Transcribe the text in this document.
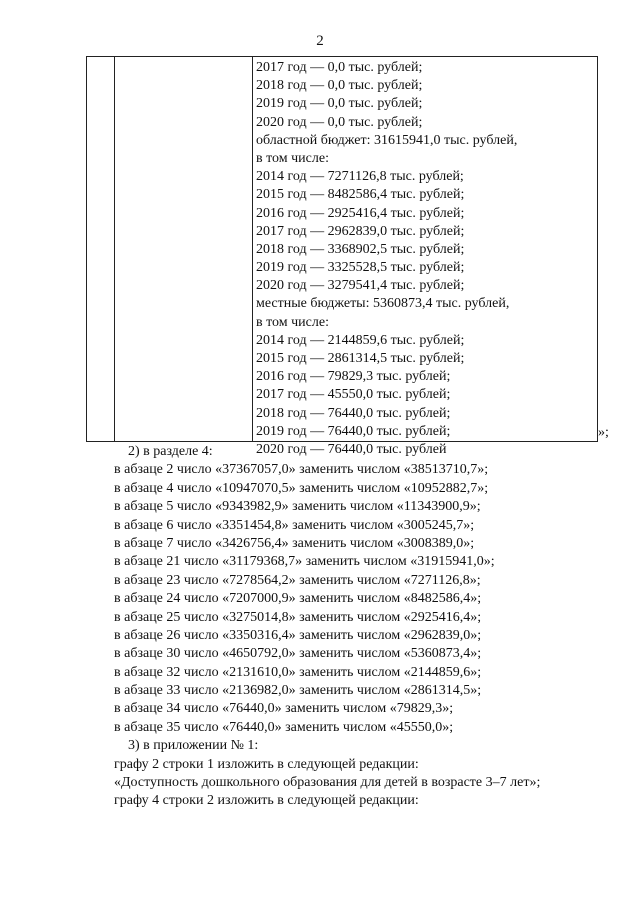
2
2017 год — 0,0 тыс. рублей;
2018 год — 0,0 тыс. рублей;
2019 год — 0,0 тыс. рублей;
2020 год — 0,0 тыс. рублей;
областной бюджет: 31615941,0 тыс. рублей,
в том числе:
2014 год — 7271126,8 тыс. рублей;
2015 год — 8482586,4 тыс. рублей;
2016 год — 2925416,4 тыс. рублей;
2017 год — 2962839,0 тыс. рублей;
2018 год — 3368902,5 тыс. рублей;
2019 год — 3325528,5 тыс. рублей;
2020 год — 3279541,4 тыс. рублей;
местные бюджеты: 5360873,4 тыс. рублей,
в том числе:
2014 год — 2144859,6 тыс. рублей;
2015 год — 2861314,5 тыс. рублей;
2016 год — 79829,3 тыс. рублей;
2017 год — 45550,0 тыс. рублей;
2018 год — 76440,0 тыс. рублей;
2019 год — 76440,0 тыс. рублей;
2020 год — 76440,0 тыс. рублей
»;
2) в разделе 4:
в абзаце 2 число «37367057,0» заменить числом «38513710,7»;
в абзаце 4 число «10947070,5» заменить числом «10952882,7»;
в абзаце 5 число «9343982,9» заменить числом «11343900,9»;
в абзаце 6 число «3351454,8» заменить числом «3005245,7»;
в абзаце 7 число «3426756,4» заменить числом «3008389,0»;
в абзаце 21 число «31179368,7» заменить числом «31915941,0»;
в абзаце 23 число «7278564,2» заменить числом «7271126,8»;
в абзаце 24 число «7207000,9» заменить числом «8482586,4»;
в абзаце 25 число «3275014,8» заменить числом «2925416,4»;
в абзаце 26 число «3350316,4» заменить числом «2962839,0»;
в абзаце 30 число «4650792,0» заменить числом «5360873,4»;
в абзаце 32 число «2131610,0» заменить числом «2144859,6»;
в абзаце 33 число «2136982,0» заменить числом «2861314,5»;
в абзаце 34 число «76440,0» заменить числом «79829,3»;
в абзаце 35 число «76440,0» заменить числом «45550,0»;
3) в приложении № 1:
графу 2 строки 1 изложить в следующей редакции:
«Доступность дошкольного образования для детей в возрасте 3–7 лет»;
графу 4 строки 2 изложить в следующей редакции:
